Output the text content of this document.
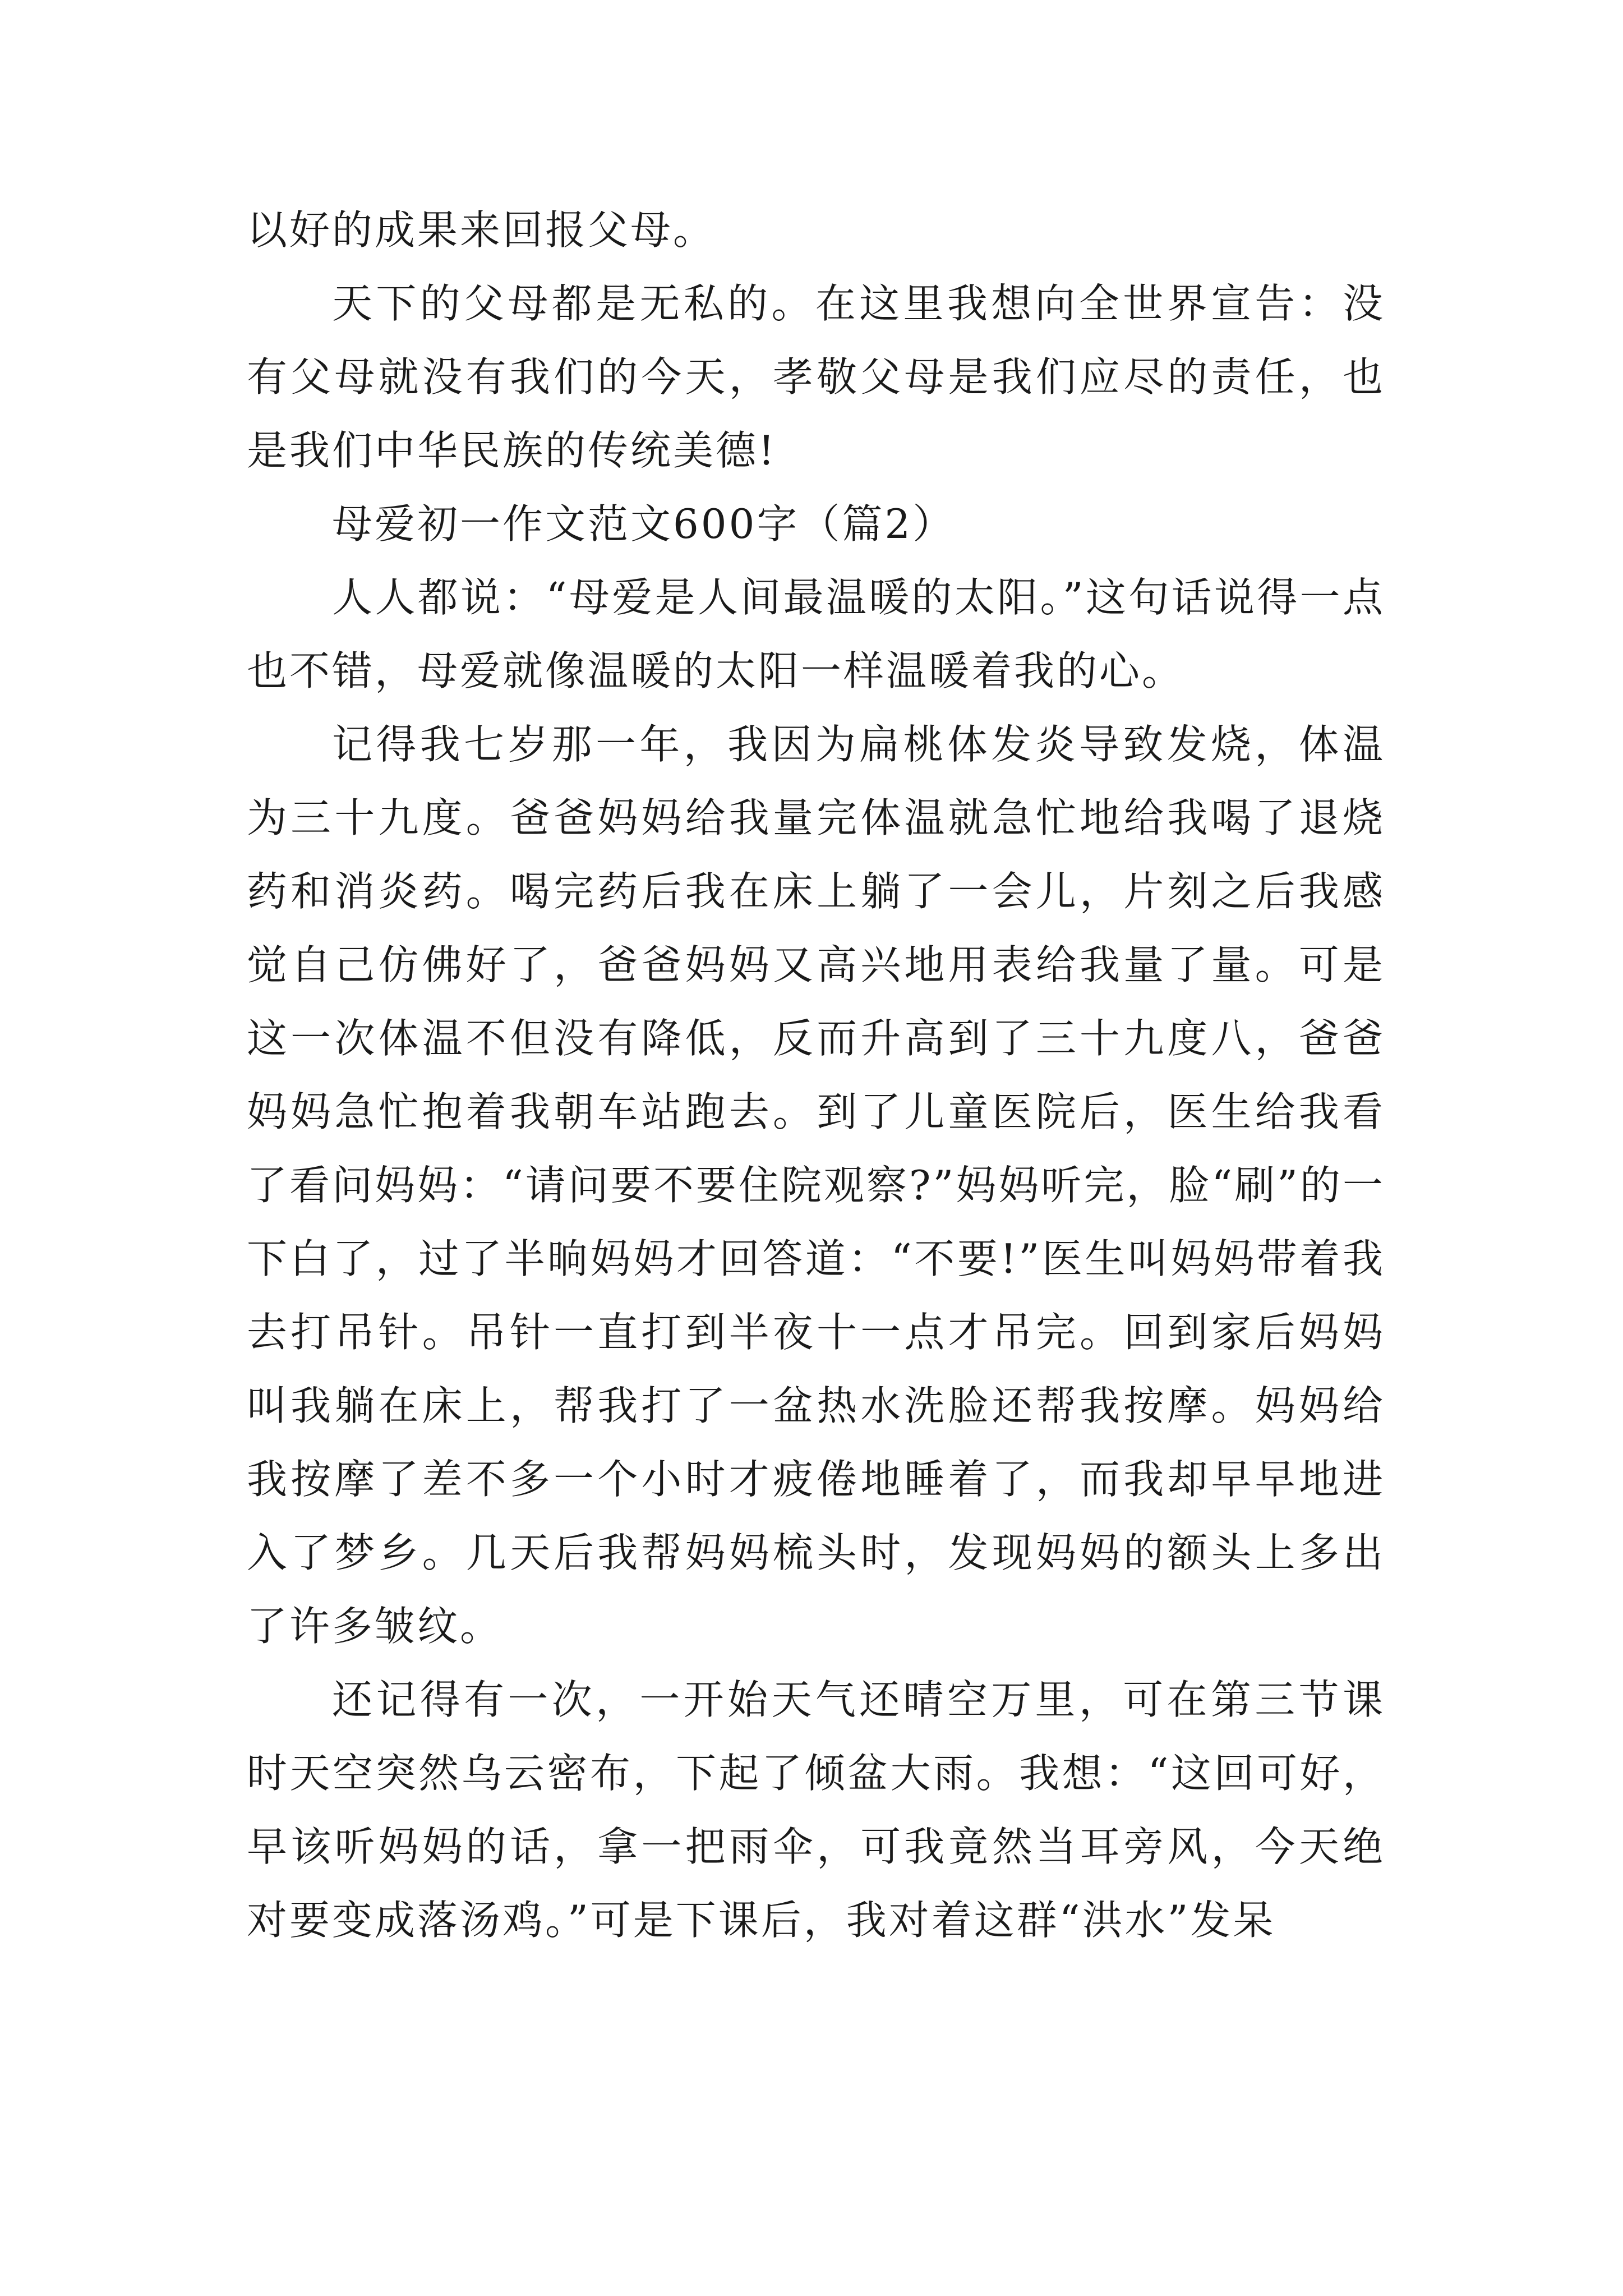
以好的成果来回报父母。

天下的父母都是无私的。在这里我想向全世界宣告：没有父母就没有我们的今天，孝敬父母是我们应尽的责任，也是我们中华民族的传统美德!

母爱初一作文范文600字（篇2）

人人都说：“母爱是人间最温暖的太阳。”这句话说得一点也不错，母爱就像温暖的太阳一样温暖着我的心。

记得我七岁那一年，我因为扁桃体发炎导致发烧，体温为三十九度。爸爸妈妈给我量完体温就急忙地给我喝了退烧药和消炎药。喝完药后我在床上躺了一会儿，片刻之后我感觉自己仿佛好了，爸爸妈妈又高兴地用表给我量了量。可是这一次体温不但没有降低，反而升高到了三十九度八，爸爸妈妈急忙抱着我朝车站跑去。到了儿童医院后，医生给我看了看问妈妈：“请问要不要住院观察?”妈妈听完，脸“刷”的一下白了，过了半晌妈妈才回答道：“不要!”医生叫妈妈带着我去打吊针。吊针一直打到半夜十一点才吊完。回到家后妈妈叫我躺在床上，帮我打了一盆热水洗脸还帮我按摩。妈妈给我按摩了差不多一个小时才疲倦地睡着了，而我却早早地进入了梦乡。几天后我帮妈妈梳头时，发现妈妈的额头上多出了许多皱纹。

还记得有一次，一开始天气还晴空万里，可在第三节课时天空突然乌云密布，下起了倾盆大雨。我想：“这回可好，早该听妈妈的话，拿一把雨伞，可我竟然当耳旁风，今天绝对要变成落汤鸡。”可是下课后，我对着这群“洪水”发呆
